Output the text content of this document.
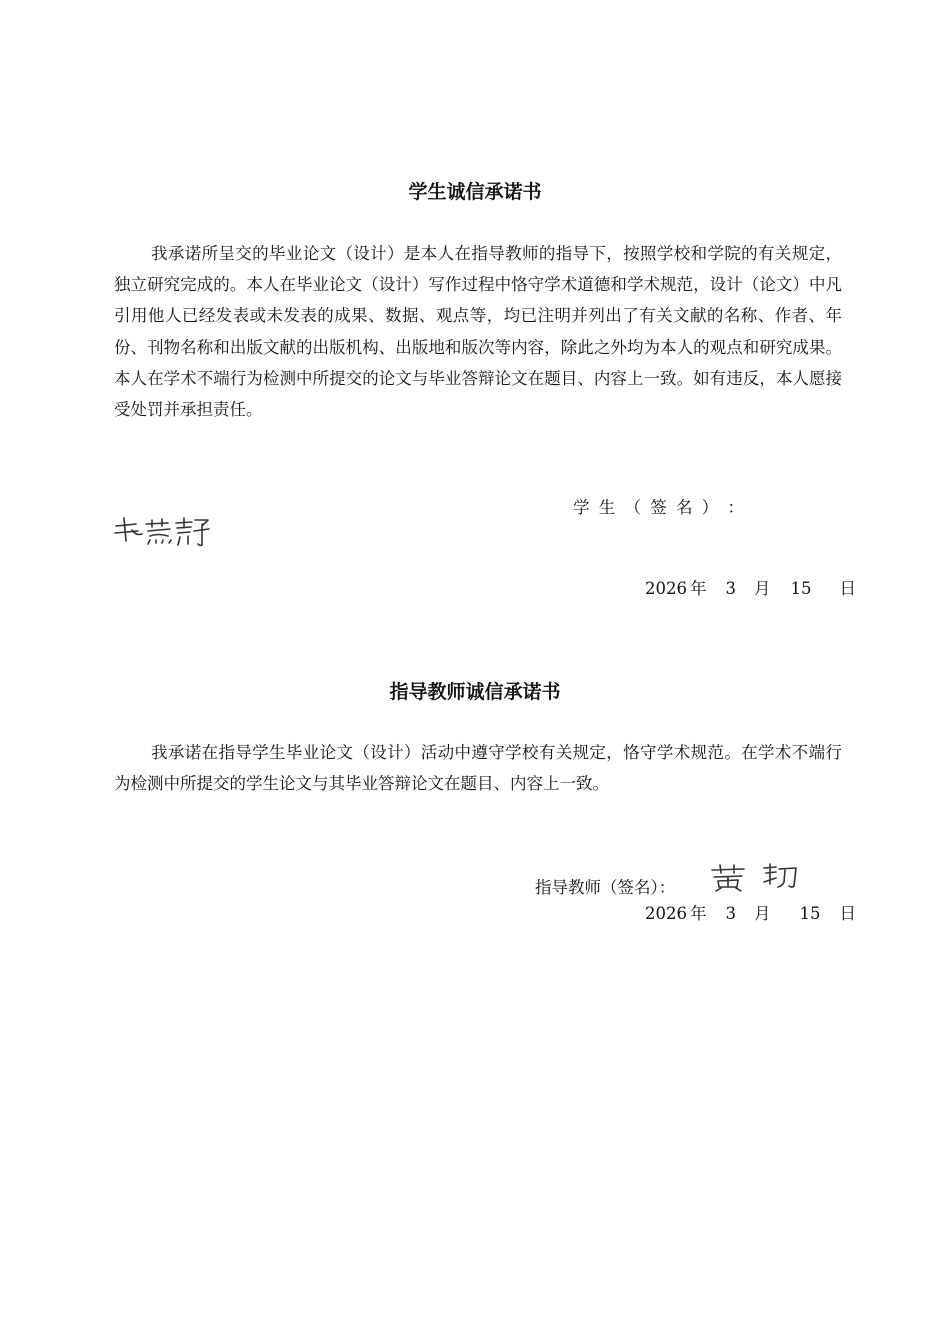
学生诚信承诺书

我承诺所呈交的毕业论文（设计）是本人在指导教师的指导下，按照学校和学院的有关规定，独立研究完成的。本人在毕业论文（设计）写作过程中恪守学术道德和学术规范，设计（论文）中凡引用他人已经发表或未发表的成果、数据、观点等，均已注明并列出了有关文献的名称、作者、年份、刊物名称和出版文献的出版机构、出版地和版次等内容，除此之外均为本人的观点和研究成果。本人在学术不端行为检测中所提交的论文与毕业答辩论文在题目、内容上一致。如有违反，本人愿接受处罚并承担责任。

学 生 （ 签 名 ） ：
2026 年 3 月 15 日
指导教师诚信承诺书

我承诺在指导学生毕业论文（设计）活动中遵守学校有关规定，恪守学术规范。在学术不端行为检测中所提交的学生论文与其毕业答辩论文在题目、内容上一致。

指导教师（签名）：
2026 年 3 月 15 日
